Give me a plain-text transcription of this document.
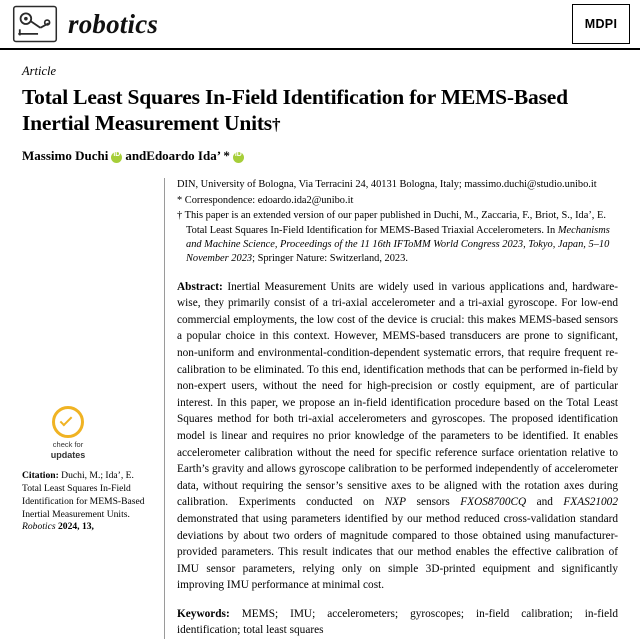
robotics	MDPI
Article
Total Least Squares In-Field Identification for MEMS-Based Inertial Measurement Units†
Massimo Duchi iD and Edoardo Ida’ *
iD
check for
updates
Citation: Duchi, M.; Ida’, E. Total Least Squares In-Field Identification for MEMS-Based Inertial Measurement Units. Robotics 2024, 13,
DIN, University of Bologna, Via Terracini 24, 40131 Bologna, Italy; massimo.duchi@studio.unibo.it
* Correspondence: edoardo.ida2@unibo.it
† This paper is an extended version of our paper published in Duchi, M., Zaccaria, F., Briot, S., Ida’, E. Total Least Squares In-Field Identification for MEMS-Based Triaxial Accelerometers. In Mechanisms and Machine Science, Proceedings of the 11 16th IFToMM World Congress 2023, Tokyo, Japan, 5–10 November 2023; Springer Nature: Switzerland, 2023.
Abstract: Inertial Measurement Units are widely used in various applications and, hardware-wise, they primarily consist of a tri-axial accelerometer and a tri-axial gyroscope. For low-end commercial employments, the low cost of the device is crucial: this makes MEMS-based sensors a popular choice in this context. However, MEMS-based transducers are prone to significant, non-uniform and environmental-condition-dependent systematic errors, that require frequent re-calibration to be eliminated. To this end, identification methods that can be performed in-field by non-expert users, without the need for high-precision or costly equipment, are of particular interest. In this paper, we propose an in-field identification procedure based on the Total Least Squares method for both tri-axial accelerometers and gyroscopes. The proposed identification model is linear and requires no prior knowledge of the parameters to be identified. It enables accelerometer calibration without the need for specific reference surface orientation relative to Earth’s gravity and allows gyroscope calibration to be performed independently of accelerometer data, without requiring the sensor’s sensitive axes to be aligned with the rotation axes during calibration. Experiments conducted on NXP sensors FXOS8700CQ and FXAS21002 demonstrated that using parameters identified by our method reduced cross-validation standard deviations by about two orders of magnitude compared to those obtained using manufacturer-provided parameters. This result indicates that our method enables the effective calibration of IMU sensor parameters, relying only on simple 3D-printed equipment and significantly improving IMU performance at minimal cost.
Keywords: MEMS; IMU; accelerometers; gyroscopes; in-field calibration; in-field identification; total least squares
